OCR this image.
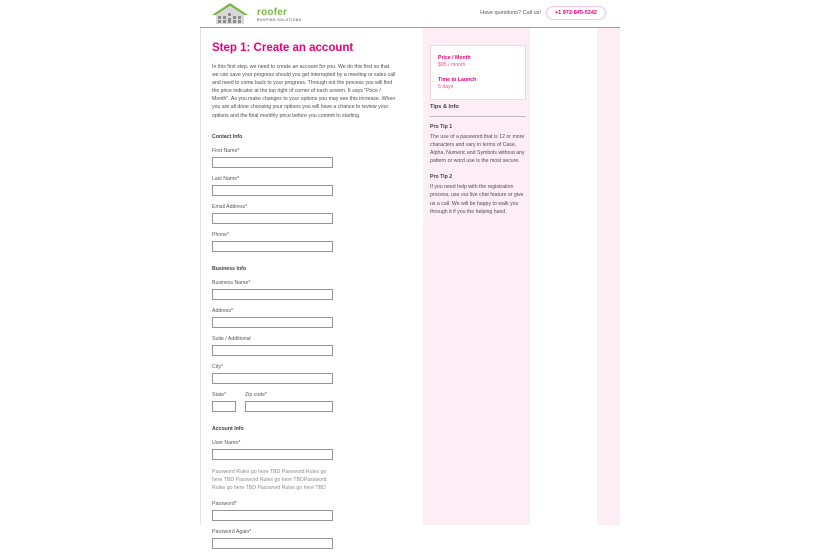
roofer
ROOFING SOLUTIONS
Have questions? Call us!	+1 972-845-5342
Step 1: Create an account

In this first step, we need to create an account for you. We do this first so that we can save your progress should you get interrupted by a meeting or sales call and need to come back to your progress. Through out the process you will find the price indicator at the top right of corner of each screen. It says "Price / Month". As you make changes to your options you may see this increase. When you are all done choosing your options you will have a chance to review your options and the final monthly price before you commit to starting.

Contact Info
First Name*
Last Name*
Email Address*
Phone*
Business Info
Business Name*
Address*
Suite / Additional
City*
State*	Zip code*
Account Info
User Name*
Password Rules go here TBD Password Rules go here TBD Password Rules go here TBDPassword Rules go here TBD Password Rules go here TBD
Password*
Password Again*
Price / Month
$95 / month
Time to Launch
5 days
Tips & Info
Pro Tip 1
The use of a password that is 12 or more characters and vary in terms of Case, Alpha, Numeric and Symbols without any pattern or word use is the most secure.
Pro Tip 2
If you need help with the registration process, use our live chat feature or give us a call. We will be happy to walk you through it if you the helping hand.
